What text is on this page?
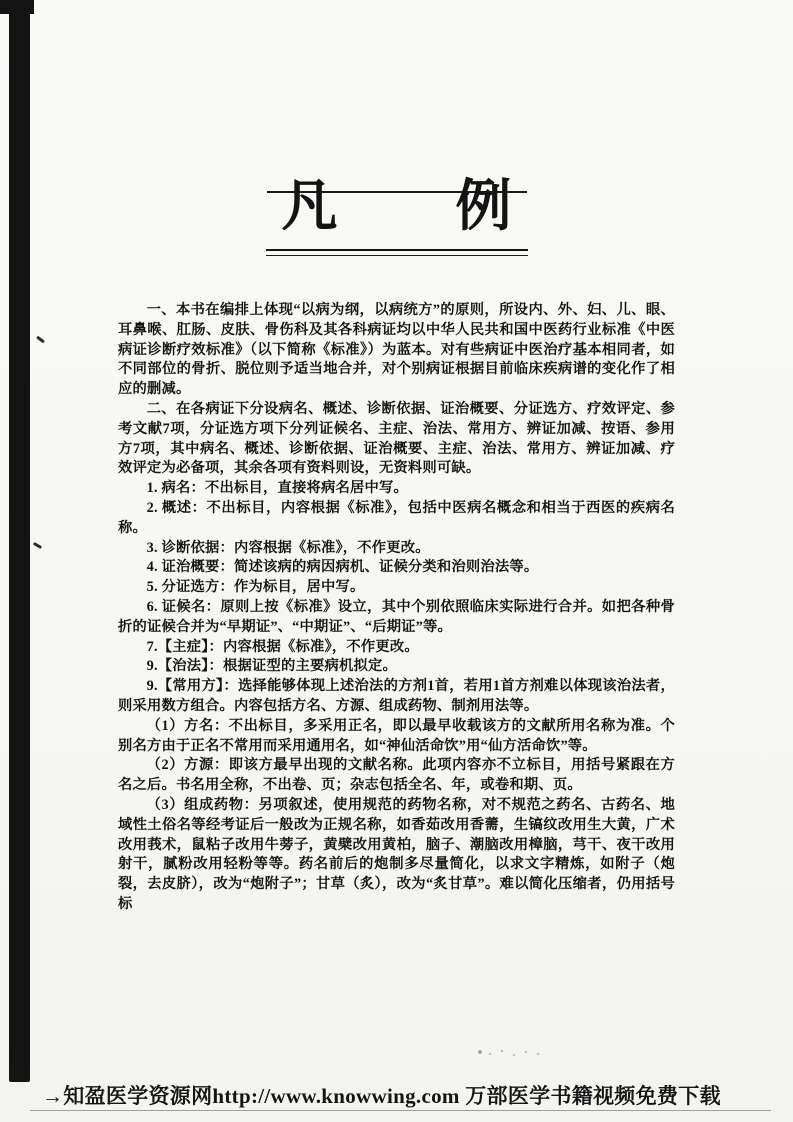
凡 例

一、本书在编排上体现“以病为纲，以病统方”的原则，所设内、外、妇、儿、眼、耳鼻喉、肛肠、皮肤、骨伤科及其各科病证均以中华人民共和国中医药行业标准《中医病证诊断疗效标准》（以下简称《标准》）为蓝本。对有些病证中医治疗基本相同者，如不同部位的骨折、脱位则予适当地合并，对个别病证根据目前临床疾病谱的变化作了相应的删减。

二、在各病证下分设病名、概述、诊断依据、证治概要、分证选方、疗效评定、参考文献7项，分证选方项下分列证候名、主症、治法、常用方、辨证加减、按语、参用方7项，其中病名、概述、诊断依据、证治概要、主症、治法、常用方、辨证加减、疗效评定为必备项，其余各项有资料则设，无资料则可缺。

1. 病名：不出标目，直接将病名居中写。

2. 概述：不出标目，内容根据《标准》，包括中医病名概念和相当于西医的疾病名称。

3. 诊断依据：内容根据《标准》，不作更改。

4. 证治概要：简述该病的病因病机、证候分类和治则治法等。

5. 分证选方：作为标目，居中写。

6. 证候名：原则上按《标准》设立，其中个别依照临床实际进行合并。如把各种骨折的证候合并为“早期证”、“中期证”、“后期证”等。

7.【主症】：内容根据《标准》，不作更改。

9.【治法】：根据证型的主要病机拟定。

9.【常用方】：选择能够体现上述治法的方剂1首，若用1首方剂难以体现该治法者，则采用数方组合。内容包括方名、方源、组成药物、制剂用法等。

（1）方名：不出标目，多采用正名，即以最早收载该方的文献所用名称为准。个别名方由于正名不常用而采用通用名，如“神仙活命饮”用“仙方活命饮”等。

（2）方源：即该方最早出现的文献名称。此项内容亦不立标目，用括号紧跟在方名之后。书名用全称，不出卷、页；杂志包括全名、年，或卷和期、页。

（3）组成药物：另项叙述，使用规范的药物名称，对不规范之药名、古药名、地域性土俗名等经考证后一般改为正规名称，如香茹改用香薷，生镐纹改用生大黄，广术改用莪术，鼠粘子改用牛蒡子，黄檗改用黄柏，脑子、潮脑改用樟脑，芎干、夜干改用射干，腻粉改用轻粉等等。药名前后的炮制多尽量简化，以求文字精炼，如附子（炮裂，去皮脐），改为“炮附子”；甘草（炙），改为“炙甘草”。难以简化压缩者，仍用括号标

→知盈医学资源网http://www.knowwing.com 万部医学书籍视频免费下载
